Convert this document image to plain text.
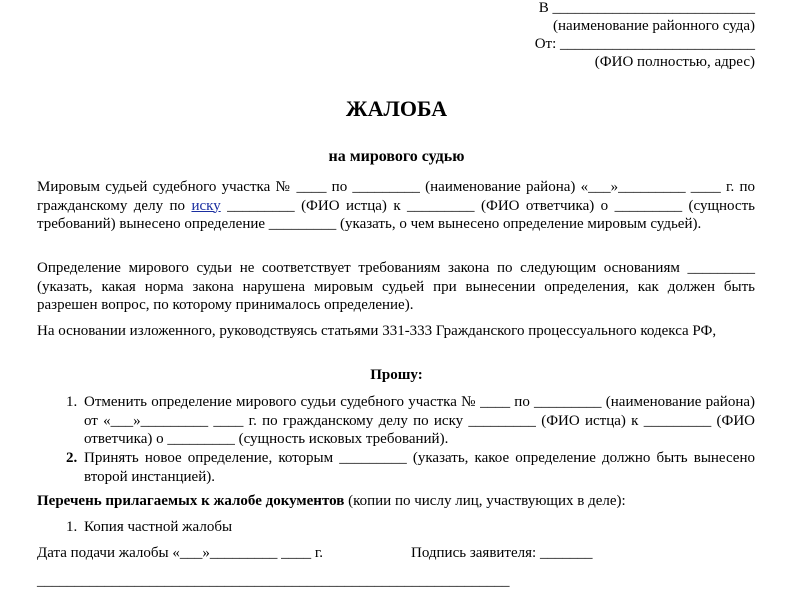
В ___________________________
(наименование районного суда)
От: __________________________
(ФИО полностью, адрес)
ЖАЛОБА
на мирового судью
Мировым судьей судебного участка № ____ по _________ (наименование района) «___»_________ ____ г. по гражданскому делу по иску _________ (ФИО истца) к _________ (ФИО ответчика) о _________ (сущность требований) вынесено определение _________ (указать, о чем вынесено определение мировым судьей).
Определение мирового судьи не соответствует требованиям закона по следующим основаниям _________ (указать, какая норма закона нарушена мировым судьей при вынесении определения, как должен быть разрешен вопрос, по которому принималось определение).
На основании изложенного, руководствуясь статьями 331-333 Гражданского процессуального кодекса РФ,
Прошу:
1. Отменить определение мирового судьи судебного участка № ____ по _________ (наименование района) от «___»_________ ____ г. по гражданскому делу по иску _________ (ФИО истца) к _________ (ФИО ответчика) о _________ (сущность исковых требований).
2. Принять новое определение, которым _________ (указать, какое определение должно быть вынесено второй инстанцией).
Перечень прилагаемых к жалобе документов (копии по числу лиц, участвующих в деле):
1. Копия частной жалобы
Дата подачи жалобы «___»_________ ____ г.	Подпись заявителя: _______
_______________________________________________________________
